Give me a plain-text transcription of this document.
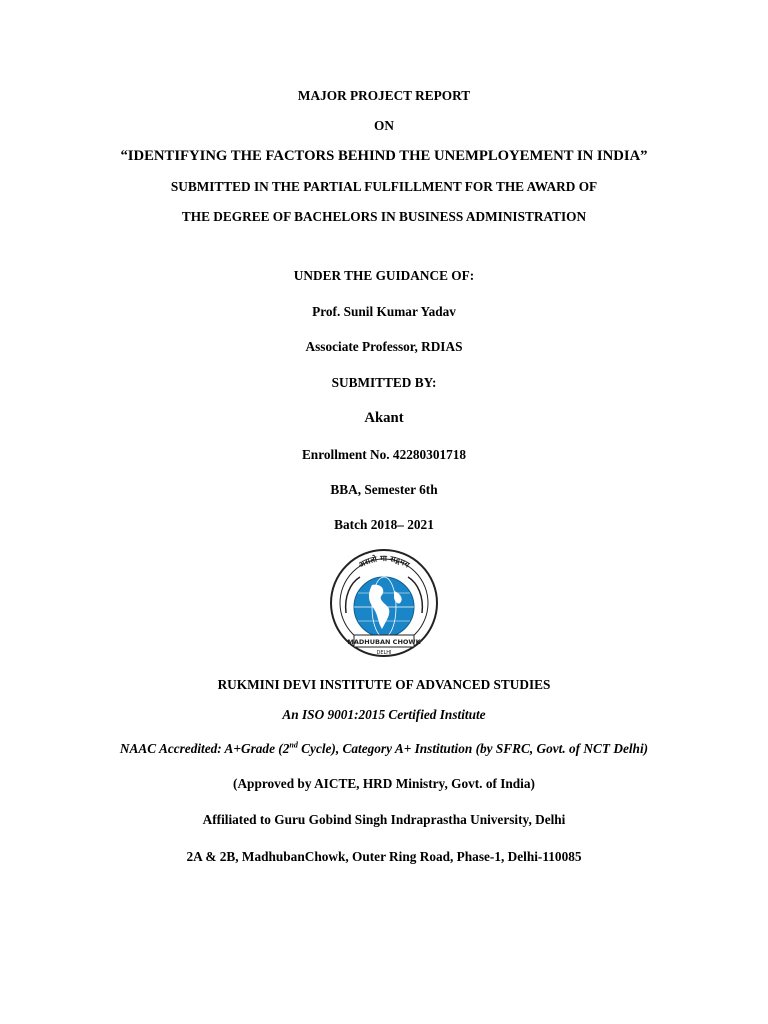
MAJOR PROJECT REPORT
ON
“IDENTIFYING THE FACTORS BEHIND THE UNEMPLOYEMENT IN INDIA”
SUBMITTED IN THE PARTIAL FULFILLMENT FOR THE AWARD OF
THE DEGREE OF BACHELORS IN BUSINESS ADMINISTRATION
UNDER THE GUIDANCE OF:
Prof. Sunil Kumar Yadav
Associate Professor, RDIAS
SUBMITTED BY:
Akant
Enrollment No. 42280301718
BBA, Semester 6th
Batch 2018– 2021
असतो मा सद्गमय
MADHUBAN CHOWK
DELHI
RUKMINI DEVI INSTITUTE OF ADVANCED STUDIES
An ISO 9001:2015 Certified Institute
NAAC Accredited: A+Grade (2nd Cycle), Category A+ Institution (by SFRC, Govt. of NCT Delhi)
(Approved by AICTE, HRD Ministry, Govt. of India)
Affiliated to Guru Gobind Singh Indraprastha University, Delhi
2A & 2B, MadhubanChowk, Outer Ring Road, Phase-1, Delhi-110085
